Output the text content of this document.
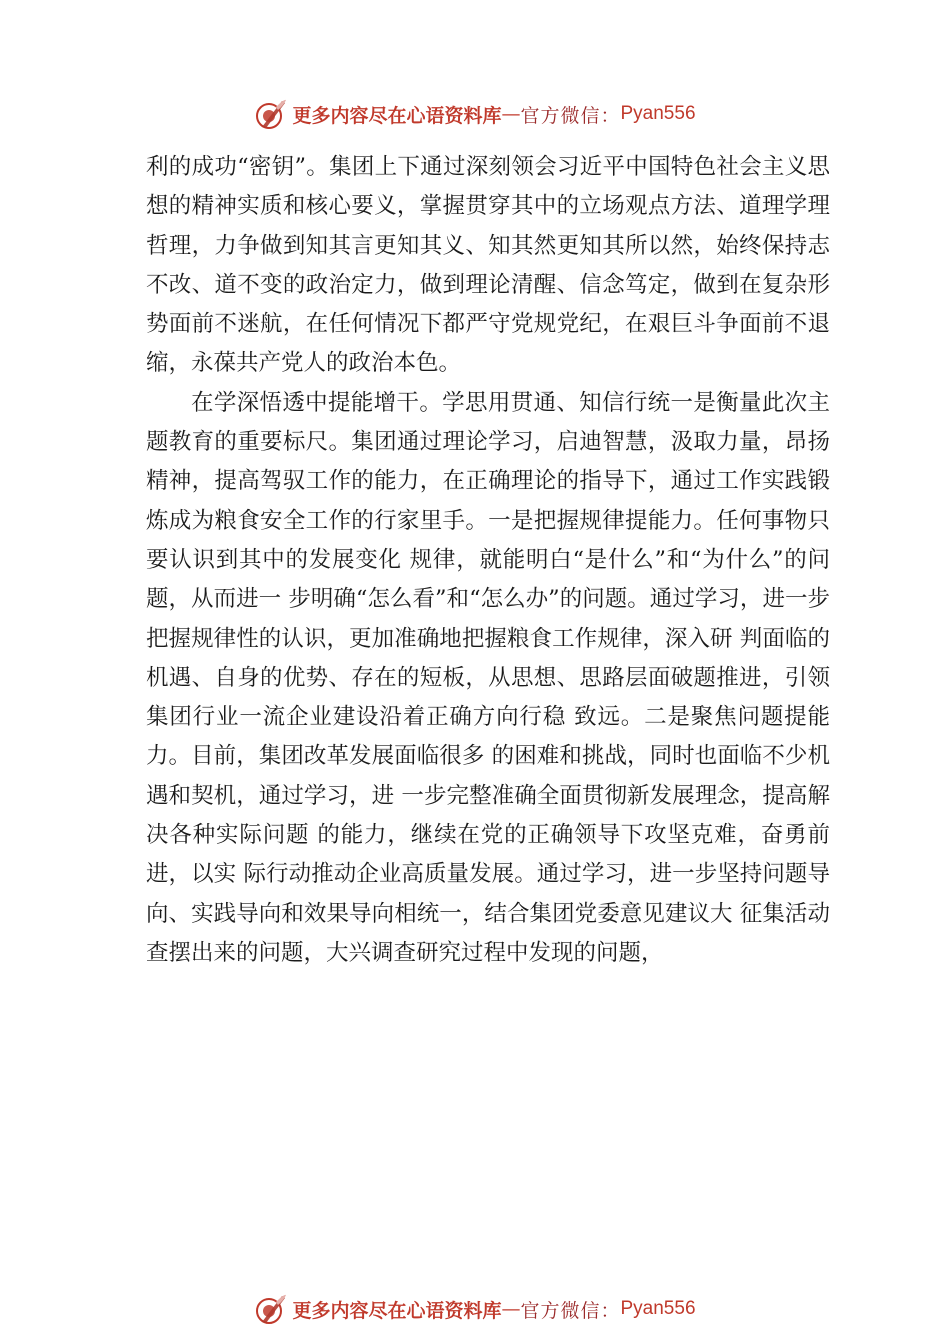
更多内容尽在心语资料库 — 官方微信： Pyan556

利的成功“密钥”。集团上下通过深刻领会习近平中国特色社会主义思想的精神实质和核心要义，掌握贯穿其中的立场观点方法、道理学理哲理，力争做到知其言更知其义、知其然更知其所以然，始终保持志不改、道不变的政治定力，做到理论清醒、信念笃定，做到在复杂形势面前不迷航，在任何情况下都严守党规党纪，在艰巨斗争面前不退缩，永葆共产党人的政治本色。

在学深悟透中提能增干。学思用贯通、知信行统一是衡量此次主题教育的重要标尺。集团通过理论学习，启迪智慧，汲取力量，昂扬精神，提高驾驭工作的能力，在正确理论的指导下，通过工作实践锻炼成为粮食安全工作的行家里手。一是把握规律提能力。任何事物只要认识到其中的发展变化 规律，就能明白“是什么”和“为什么”的问题，从而进一 步明确“怎么看”和“怎么办”的问题。通过学习，进一步 把握规律性的认识，更加准确地把握粮食工作规律，深入研 判面临的机遇、自身的优势、存在的短板，从思想、思路层面破题推进，引领集团行业一流企业建设沿着正确方向行稳 致远。二是聚焦问题提能力。目前，集团改革发展面临很多 的困难和挑战，同时也面临不少机遇和契机，通过学习，进 一步完整准确全面贯彻新发展理念，提高解决各种实际问题 的能力，继续在党的正确领导下攻坚克难，奋勇前进，以实 际行动推动企业高质量发展。通过学习，进一步坚持问题导 向、实践导向和效果导向相统一，结合集团党委意见建议大 征集活动查摆出来的问题，大兴调查研究过程中发现的问题，

更多内容尽在心语资料库 — 官方微信： Pyan556
